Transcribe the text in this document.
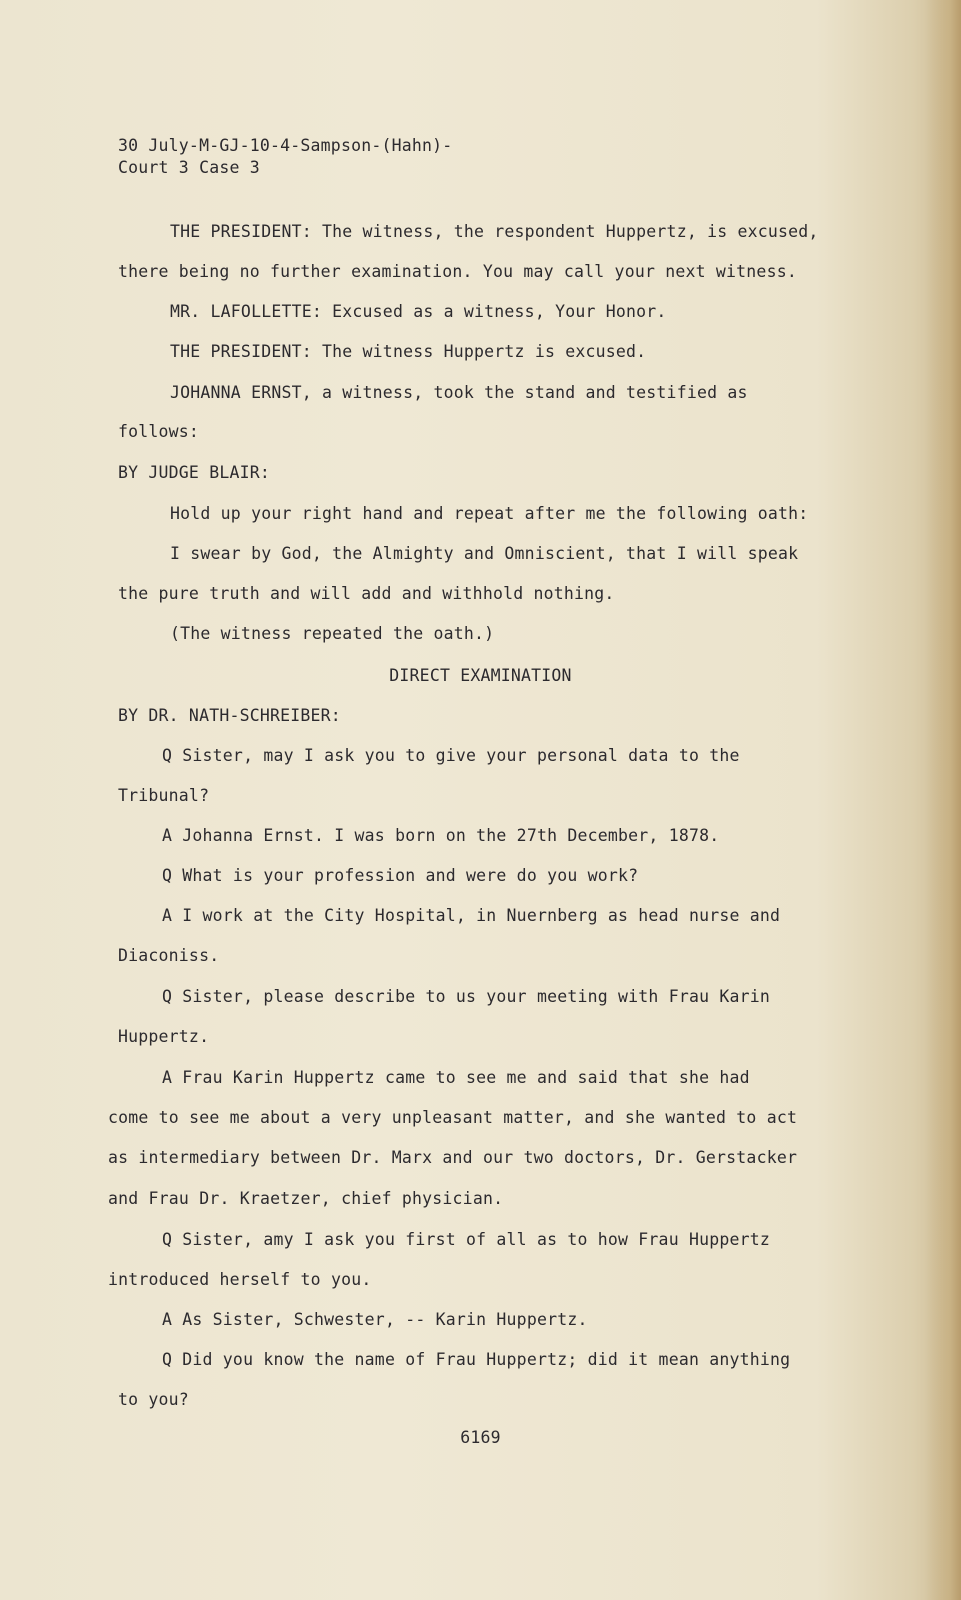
30 July-M-GJ-10-4-Sampson-(Hahn)-
Court 3 Case 3
THE PRESIDENT: The witness, the respondent Huppertz, is excused,
there being no further examination. You may call your next witness.
MR. LAFOLLETTE: Excused as a witness, Your Honor.
THE PRESIDENT: The witness Huppertz is excused.
JOHANNA ERNST, a witness, took the stand and testified as
follows:
BY JUDGE BLAIR:
Hold up your right hand and repeat after me the following oath:
I swear by God, the Almighty and Omniscient, that I will speak
the pure truth and will add and withhold nothing.
(The witness repeated the oath.)
DIRECT EXAMINATION
BY DR. NATH-SCHREIBER:
Q Sister, may I ask you to give your personal data to the
Tribunal?
A Johanna Ernst. I was born on the 27th December, 1878.
Q What is your profession and were do you work?
A I work at the City Hospital, in Nuernberg as head nurse and
Diaconiss.
Q Sister, please describe to us your meeting with Frau Karin
Huppertz.
A Frau Karin Huppertz came to see me and said that she had
come to see me about a very unpleasant matter, and she wanted to act
as intermediary between Dr. Marx and our two doctors, Dr. Gerstacker
and Frau Dr. Kraetzer, chief physician.
Q Sister, amy I ask you first of all as to how Frau Huppertz
introduced herself to you.
A As Sister, Schwester, -- Karin Huppertz.
Q Did you know the name of Frau Huppertz; did it mean anything
to you?
6169
